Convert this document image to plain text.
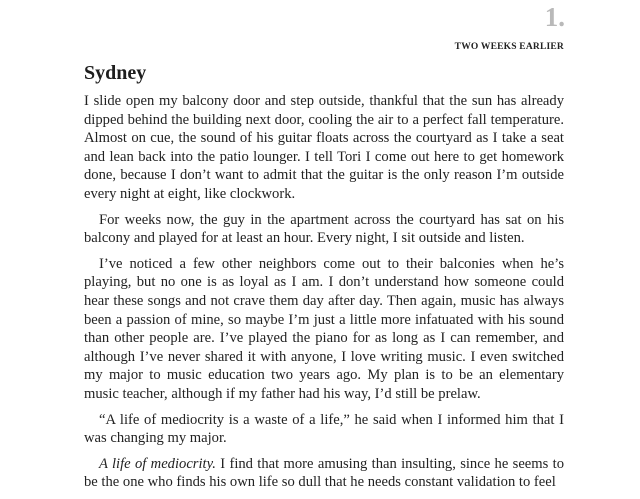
1.
TWO WEEKS EARLIER
Sydney

I slide open my balcony door and step outside, thankful that the sun has already dipped behind the building next door, cooling the air to a perfect fall temperature. Almost on cue, the sound of his guitar floats across the courtyard as I take a seat and lean back into the patio lounger. I tell Tori I come out here to get homework done, because I don’t want to admit that the guitar is the only reason I’m outside every night at eight, like clockwork.

For weeks now, the guy in the apartment across the courtyard has sat on his balcony and played for at least an hour. Every night, I sit outside and listen.

I’ve noticed a few other neighbors come out to their balconies when he’s playing, but no one is as loyal as I am. I don’t understand how someone could hear these songs and not crave them day after day. Then again, music has always been a passion of mine, so maybe I’m just a little more infatuated with his sound than other people are. I’ve played the piano for as long as I can remember, and although I’ve never shared it with anyone, I love writing music. I even switched my major to music education two years ago. My plan is to be an elementary music teacher, although if my father had his way, I’d still be prelaw.

“A life of mediocrity is a waste of a life,” he said when I informed him that I was changing my major.

A life of mediocrity. I find that more amusing than insulting, since he seems to be the one who finds his own life so dull that he needs constant validation to feel
